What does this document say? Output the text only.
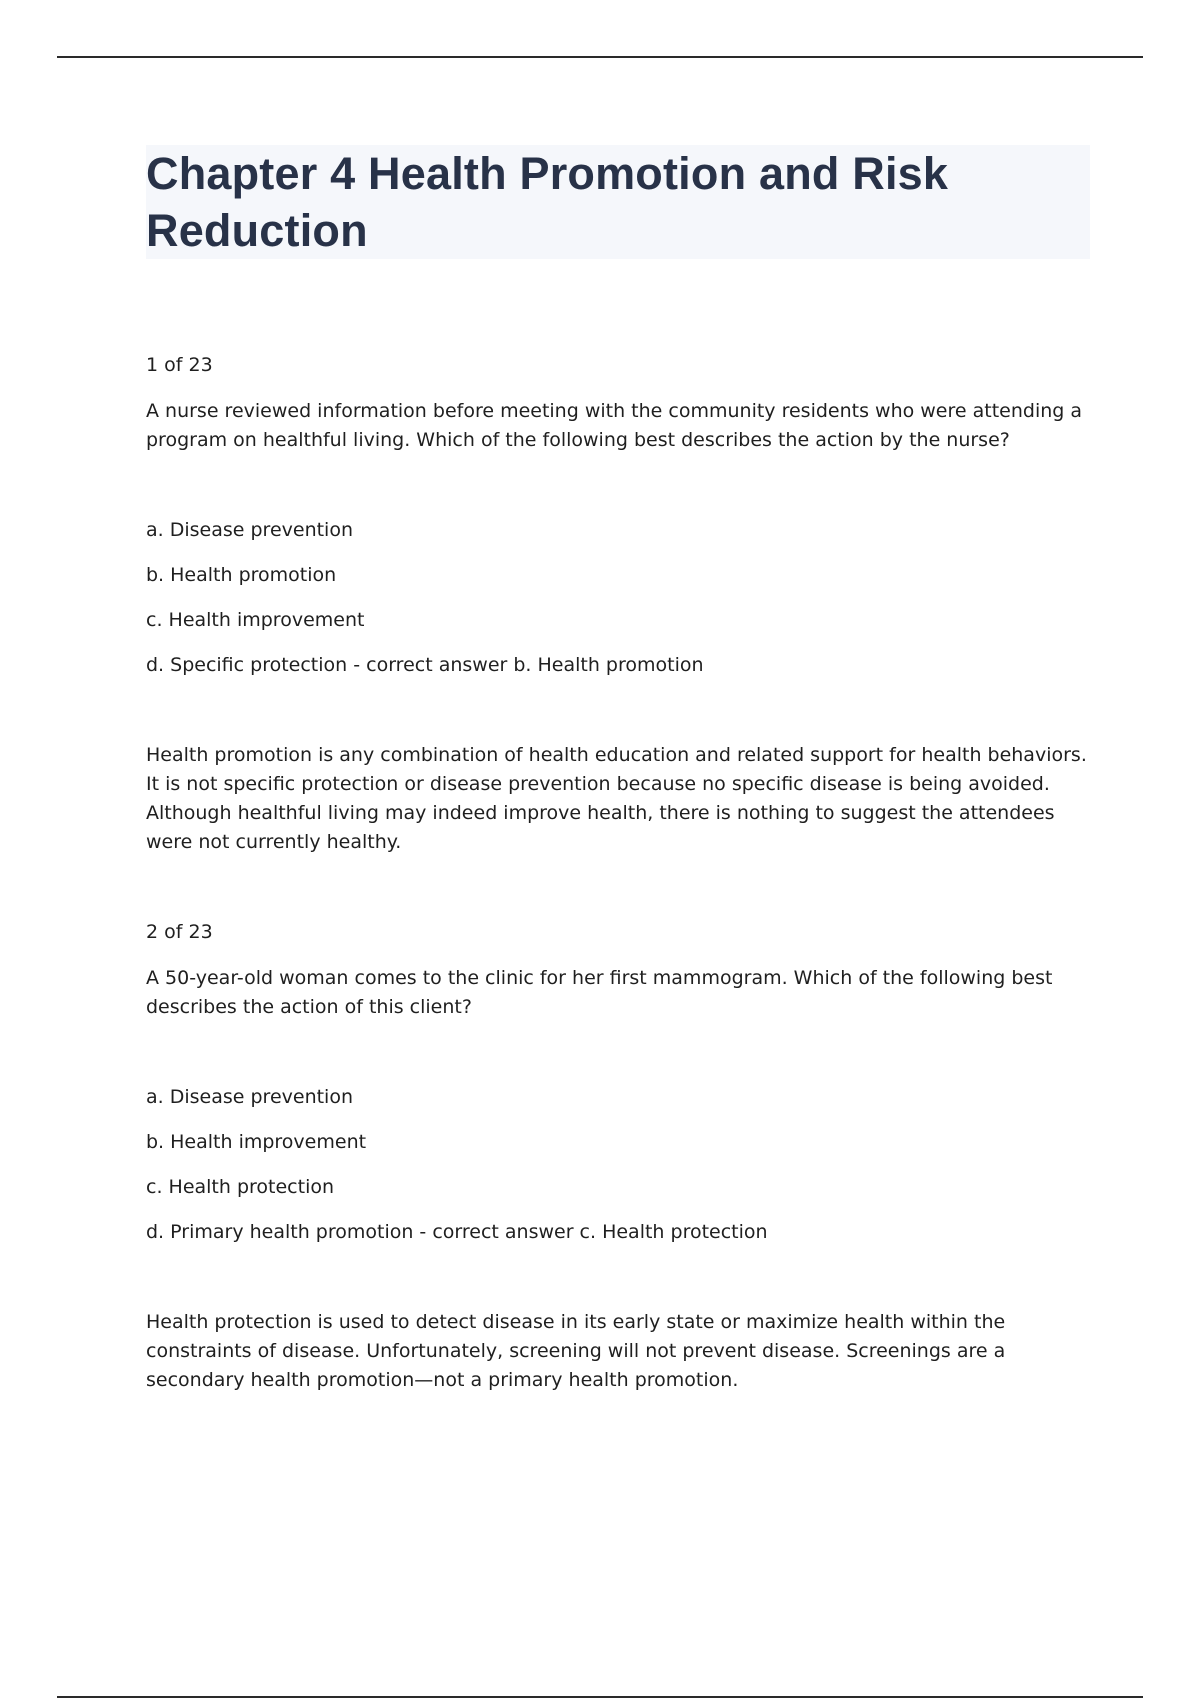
Chapter 4 Health Promotion and Risk Reduction

1 of 23

A nurse reviewed information before meeting with the community residents who were attending a program on healthful living. Which of the following best describes the action by the nurse?

a. Disease prevention

b. Health promotion

c. Health improvement

d. Specific protection - correct answer b. Health promotion

Health promotion is any combination of health education and related support for health behaviors. It is not specific protection or disease prevention because no specific disease is being avoided. Although healthful living may indeed improve health, there is nothing to suggest the attendees were not currently healthy.

2 of 23

A 50-year-old woman comes to the clinic for her first mammogram. Which of the following best describes the action of this client?

a. Disease prevention

b. Health improvement

c. Health protection

d. Primary health promotion - correct answer c. Health protection

Health protection is used to detect disease in its early state or maximize health within the constraints of disease. Unfortunately, screening will not prevent disease. Screenings are a secondary health promotion—not a primary health promotion.
